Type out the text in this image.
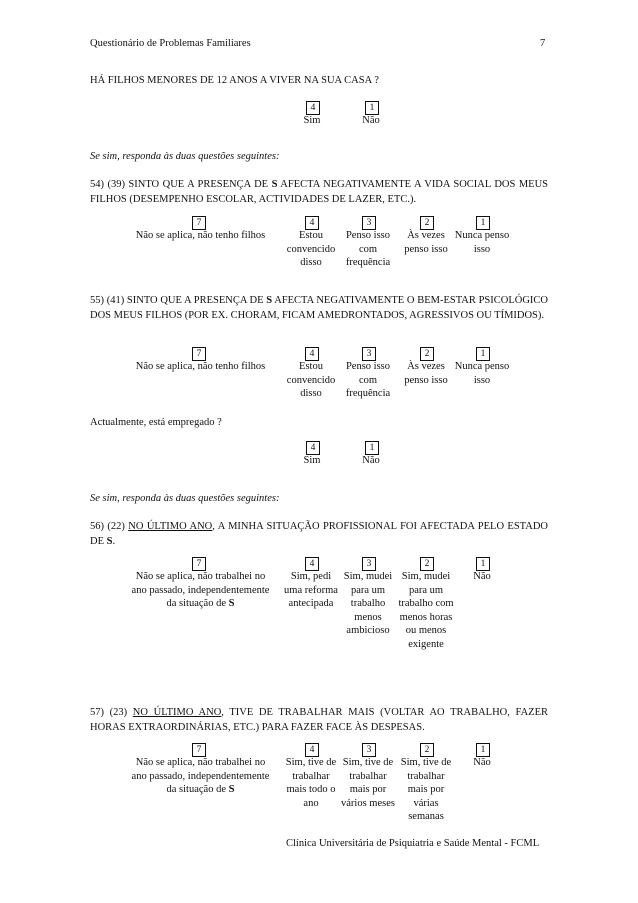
Questionário de Problemas Familiares	7
HÁ FILHOS MENORES DE 12 ANOS A VIVER NA SUA CASA ?
4
Sim
1
Não
Se sim, responda às duas questões seguintes:
54) (39) SINTO QUE A PRESENÇA DE S AFECTA NEGATIVAMENTE A VIDA SOCIAL DOS MEUS FILHOS (DESEMPENHO ESCOLAR, ACTIVIDADES DE LAZER, ETC.).
7
Não se aplica, não tenho filhos
4
Estou convencido disso
3
Penso isso com frequência
2
Às vezes penso isso
1
Nunca penso isso
55) (41) SINTO QUE A PRESENÇA DE S AFECTA NEGATIVAMENTE O BEM-ESTAR PSICOLÓGICO DOS MEUS FILHOS (POR EX. CHORAM, FICAM AMEDRONTADOS, AGRESSIVOS OU TÍMIDOS).
7
Não se aplica, não tenho filhos
4
Estou convencido disso
3
Penso isso com frequência
2
Às vezes penso isso
1
Nunca penso isso
Actualmente, está empregado ?
4
Sim
1
Não
Se sim, responda às duas questões seguintes:
56) (22) NO ÚLTIMO ANO, A MINHA SITUAÇÃO PROFISSIONAL FOI AFECTADA PELO ESTADO DE S.
7
Não se aplica, não trabalhei no ano passado, independentemente da situação de S
4
Sim, pedi uma reforma antecipada
3
Sim, mudei para um trabalho menos ambicioso
2
Sim, mudei para um trabalho com menos horas ou menos exigente
1
Não
57) (23) NO ÚLTIMO ANO, TIVE DE TRABALHAR MAIS (VOLTAR AO TRABALHO, FAZER HORAS EXTRAORDINÁRIAS, ETC.) PARA FAZER FACE ÀS DESPESAS.
7
Não se aplica, não trabalhei no ano passado, independentemente da situação de S
4
Sim, tive de trabalhar mais todo o ano
3
Sim, tive de trabalhar mais por vários meses
2
Sim, tive de trabalhar mais por várias semanas
1
Não
Clínica Universitária de Psiquiatria e Saúde Mental - FCML
